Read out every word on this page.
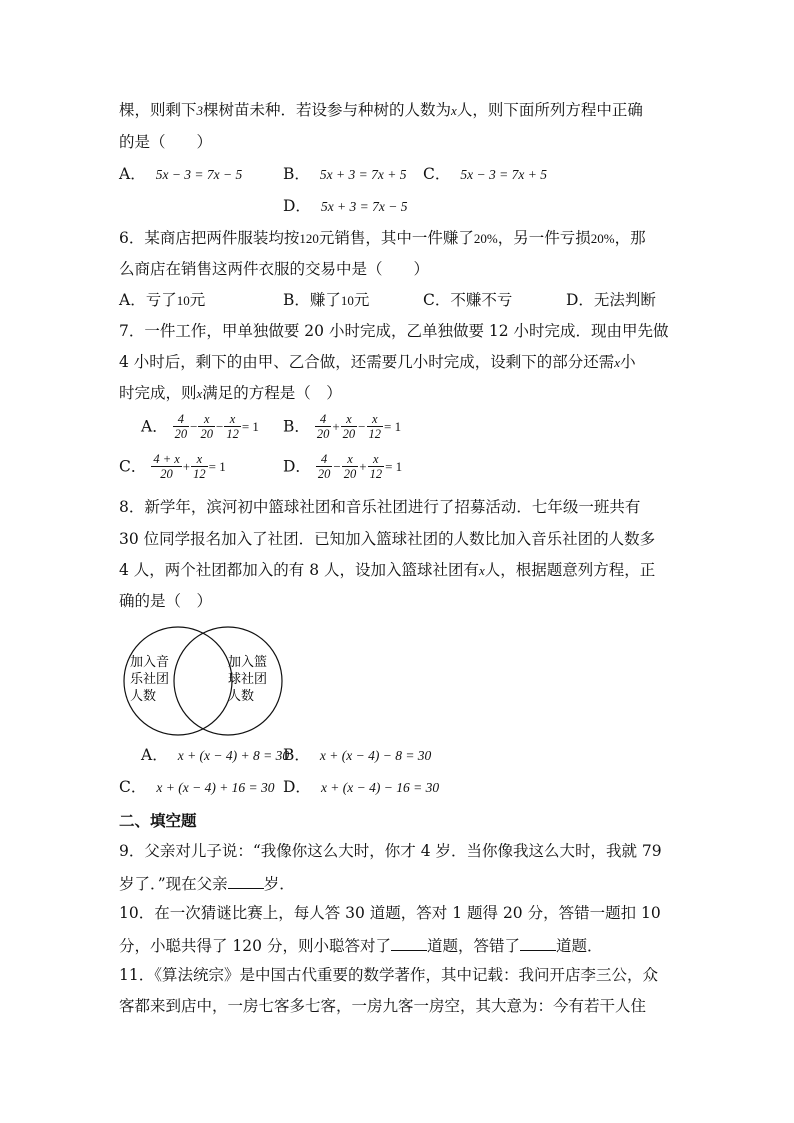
棵，则剩下3棵树苗未种．若设参与种树的人数为x人，则下面所列方程中正确
的是（　　）
A． 5x − 3 = 7x − 5	B． 5x + 3 = 7x + 5 C． 5x − 3 = 7x + 5
D． 5x + 3 = 7x − 5
6．某商店把两件服装均按120元销售，其中一件赚了20%，另一件亏损20%，那
么商店在销售这两件衣服的交易中是（　　）
A．亏了10元	B．赚了10元	C．不赚不亏	D．无法判断
7．一件工作，甲单独做要 20 小时完成，乙单独做要 12 小时完成．现由甲先做
4 小时后，剩下的由甲、乙合做，还需要几小时完成，设剩下的部分还需x小
时完成，则x满足的方程是（　）
A． $\frac{4}{20} - \frac{x}{20} - \frac{x}{12} = 1$ B． $\frac{4}{20} + \frac{x}{20} - \frac{x}{12} = 1$
C． $\frac{4 + x}{20} + \frac{x}{12} = 1$	D． $\frac{4}{20} - \frac{x}{20} + \frac{x}{12} = 1$
8．新学年，滨河初中篮球社团和音乐社团进行了招募活动．七年级一班共有
30 位同学报名加入了社团．已知加入篮球社团的人数比加入音乐社团的人数多
4 人，两个社团都加入的有 8 人，设加入篮球社团有x人，根据题意列方程，正
确的是（　）
加入音
乐社团
人数
加入篮
球社团
人数
A． x + (x − 4) + 8 = 30
B． x + (x − 4) − 8 = 30
C． x + (x − 4) + 16 = 30 D． x + (x − 4) − 16 = 30
二、填空题
9．父亲对儿子说：“我像你这么大时，你才 4 岁．当你像我这么大时，我就 79
岁了．”现在父亲 岁．
10．在一次猜谜比赛上，每人答 30 道题，答对 1 题得 20 分，答错一题扣 10
分，小聪共得了 120 分，则小聪答对了 道题，答错了 道题．
11．《算法统宗》是中国古代重要的数学著作，其中记载：我问开店李三公，众
客都来到店中，一房七客多七客，一房九客一房空，其大意为：今有若干人住
